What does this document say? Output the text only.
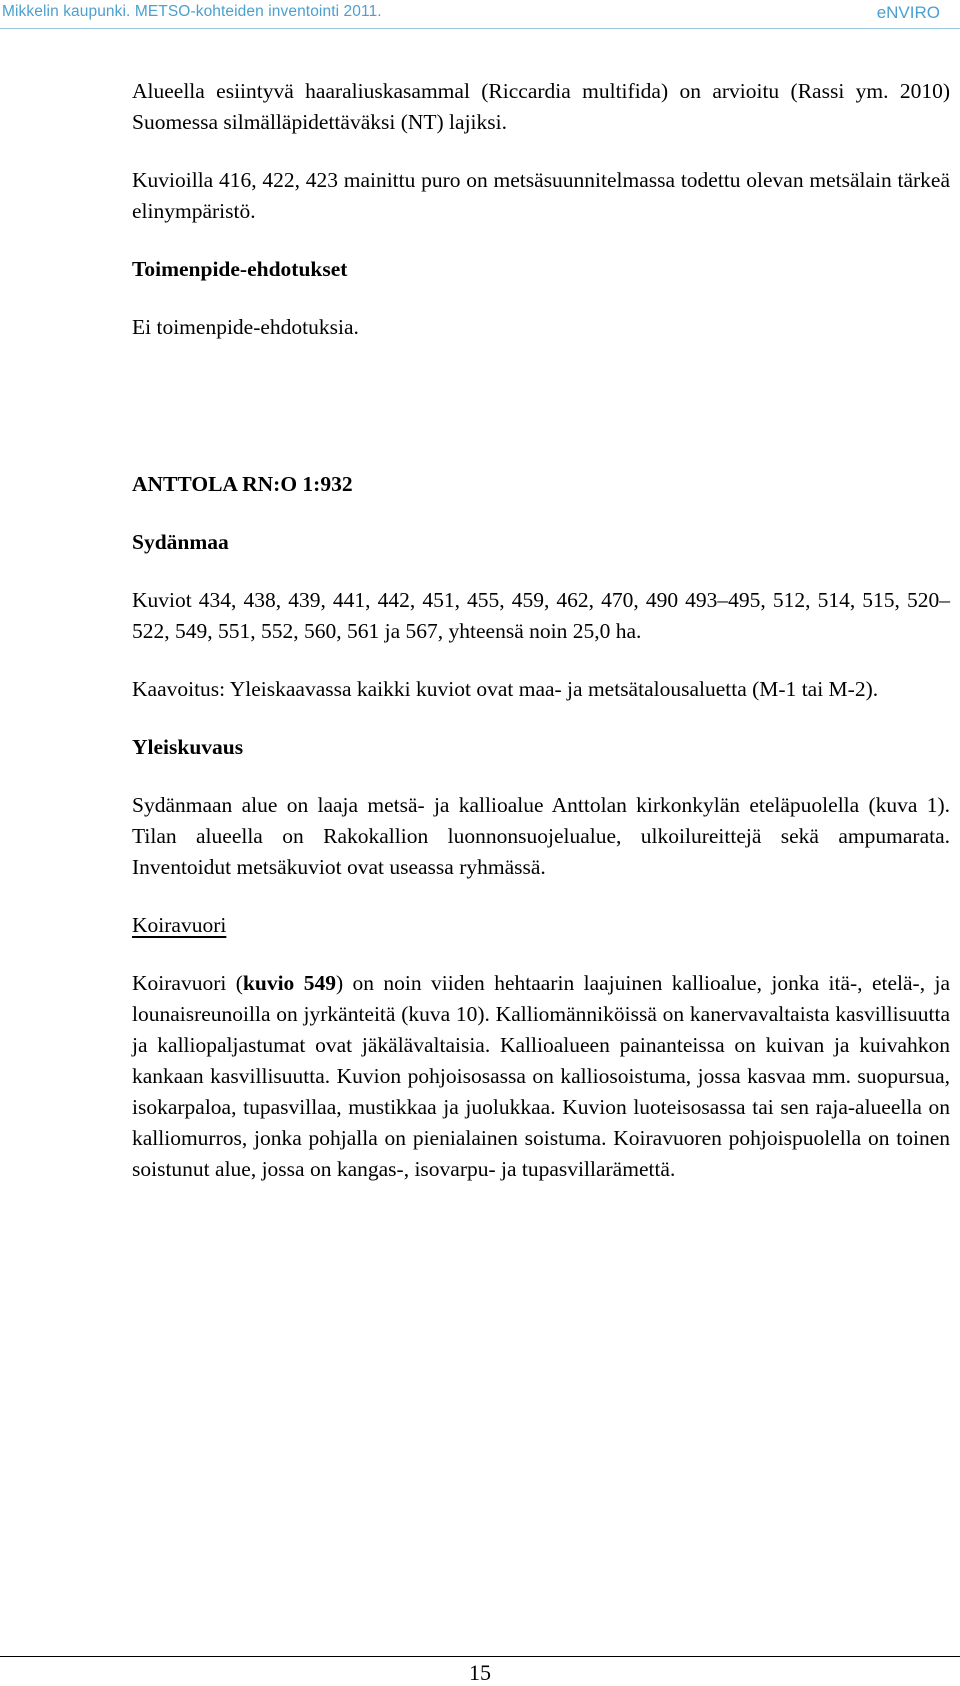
Mikkelin kaupunki. METSO-kohteiden inventointi 2011.	eNVIRO

Alueella esiintyvä haaraliuskasammal (Riccardia multifida) on arvioitu (Rassi ym. 2010) Suomessa silmälläpidettäväksi (NT) lajiksi.

Kuvioilla 416, 422, 423 mainittu puro on metsäsuunnitelmassa todettu olevan metsälain tärkeä elinympäristö.

Toimenpide-ehdotukset

Ei toimenpide-ehdotuksia.

ANTTOLA RN:O 1:932

Sydänmaa

Kuviot 434, 438, 439, 441, 442, 451, 455, 459, 462, 470, 490 493–495, 512, 514, 515, 520–522, 549, 551, 552, 560, 561 ja 567, yhteensä noin 25,0 ha.

Kaavoitus: Yleiskaavassa kaikki kuviot ovat maa- ja metsätalousaluetta (M-1 tai M-2).

Yleiskuvaus

Sydänmaan alue on laaja metsä- ja kallioalue Anttolan kirkonkylän eteläpuolella (kuva 1). Tilan alueella on Rakokallion luonnonsuojelualue, ulkoilureittejä sekä ampumarata. Inventoidut metsäkuviot ovat useassa ryhmässä.

Koiravuori

Koiravuori (kuvio 549) on noin viiden hehtaarin laajuinen kallioalue, jonka itä-, etelä-, ja lounaisreunoilla on jyrkänteitä (kuva 10). Kalliomänniköissä on kanervavaltaista kasvillisuutta ja kalliopaljastumat ovat jäkälävaltaisia. Kallioalueen painanteissa on kuivan ja kuivahkon kankaan kasvillisuutta. Kuvion pohjoisosassa on kalliosoistuma, jossa kasvaa mm. suopursua, isokarpaloa, tupasvillaa, mustikkaa ja juolukkaa. Kuvion luoteisosassa tai sen raja-alueella on kalliomurros, jonka pohjalla on pienialainen soistuma. Koiravuoren pohjoispuolella on toinen soistunut alue, jossa on kangas-, isovarpu- ja tupasvillarämettä.

15
